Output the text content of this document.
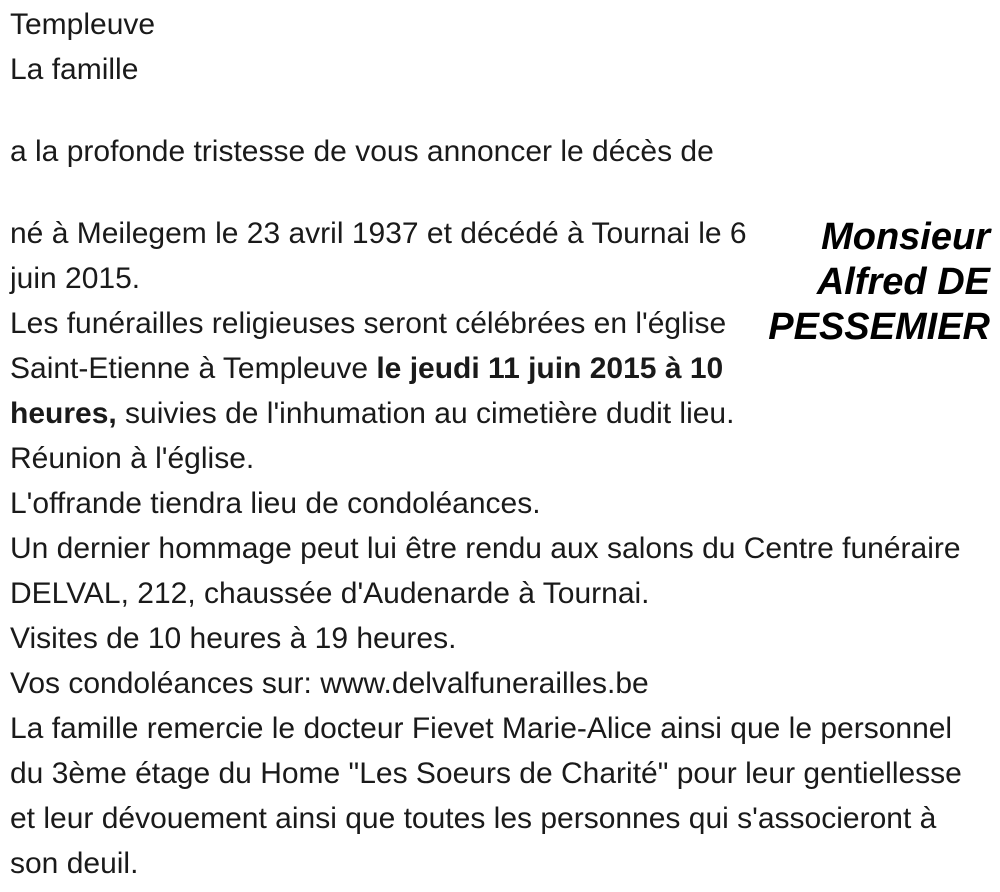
Templeuve

La famille

a la profonde tristesse de vous annoncer le décès de

Monsieur Alfred DE PESSEMIER

né à Meilegem le 23 avril 1937 et décédé à Tournai le 6 juin 2015.

Les funérailles religieuses seront célébrées en l'église Saint-Etienne à Templeuve le jeudi 11 juin 2015 à 10 heures, suivies de l'inhumation au cimetière dudit lieu.

Réunion à l'église.

L'offrande tiendra lieu de condoléances.

Un dernier hommage peut lui être rendu aux salons du Centre funéraire DELVAL, 212, chaussée d'Audenarde à Tournai.

Visites de 10 heures à 19 heures.

Vos condoléances sur: www.delvalfunerailles.be

La famille remercie le docteur Fievet Marie-Alice ainsi que le personnel du 3ème étage du Home "Les Soeurs de Charité" pour leur gentiellesse et leur dévouement ainsi que toutes les personnes qui s'associeront à son deuil.
